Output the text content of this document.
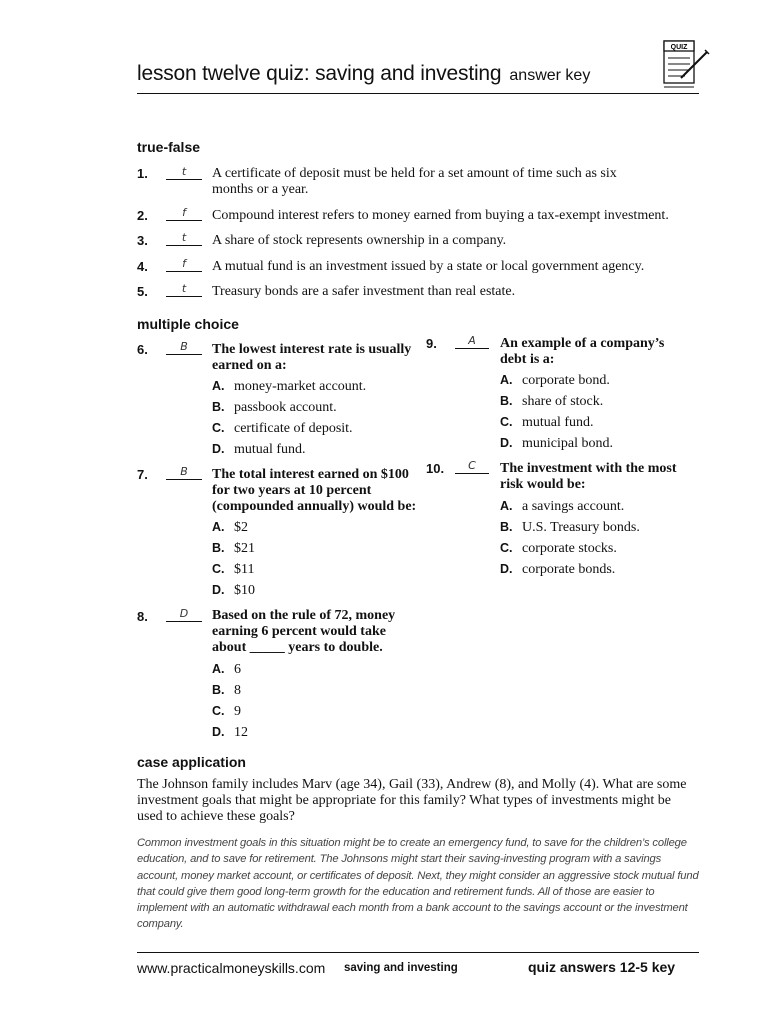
lesson twelve quiz: saving and investing answer key
QUIZ
true-false
1.	t	A certificate of deposit must be held for a set amount of time such as six
months or a year.
2.	f	Compound interest refers to money earned from buying a tax-exempt investment.
3.	t	A share of stock represents ownership in a company.
4.	f	A mutual fund is an investment issued by a state or local government agency.
5.	t	Treasury bonds are a safer investment than real estate.
multiple choice
6.	B	The lowest interest rate is usually
earned on a:
A. money-market account.
B. passbook account.
C. certificate of deposit.
D. mutual fund.
7.	B	The total interest earned on $100
for two years at 10 percent
(compounded annually) would be:
A. $2
B. $21
C. $11
D. $10
8.	D	Based on the rule of 72, money
earning 6 percent would take
about _____ years to double.
A. 6
B. 8
C. 9
D. 12
9.	A	An example of a company’s
debt is a:
A. corporate bond.
B. share of stock.
C. mutual fund.
D. municipal bond.
10.	C	The investment with the most
risk would be:
A. a savings account.
B. U.S. Treasury bonds.
C. corporate stocks.
D. corporate bonds.
case application
The Johnson family includes Marv (age 34), Gail (33), Andrew (8), and Molly (4). What are some investment goals that might be appropriate for this family? What types of investments might be used to achieve these goals?
Common investment goals in this situation might be to create an emergency fund, to save for the children’s college education, and to save for retirement. The Johnsons might start their saving-investing program with a savings account, money market account, or certificates of deposit. Next, they might consider an aggressive stock mutual fund that could give them good long-term growth for the education and retirement funds. All of those are easier to implement with an automatic withdrawal each month from a bank account to the savings account or the investment company.
www.practicalmoneyskills.com saving and investing	quiz answers 12-5 key
